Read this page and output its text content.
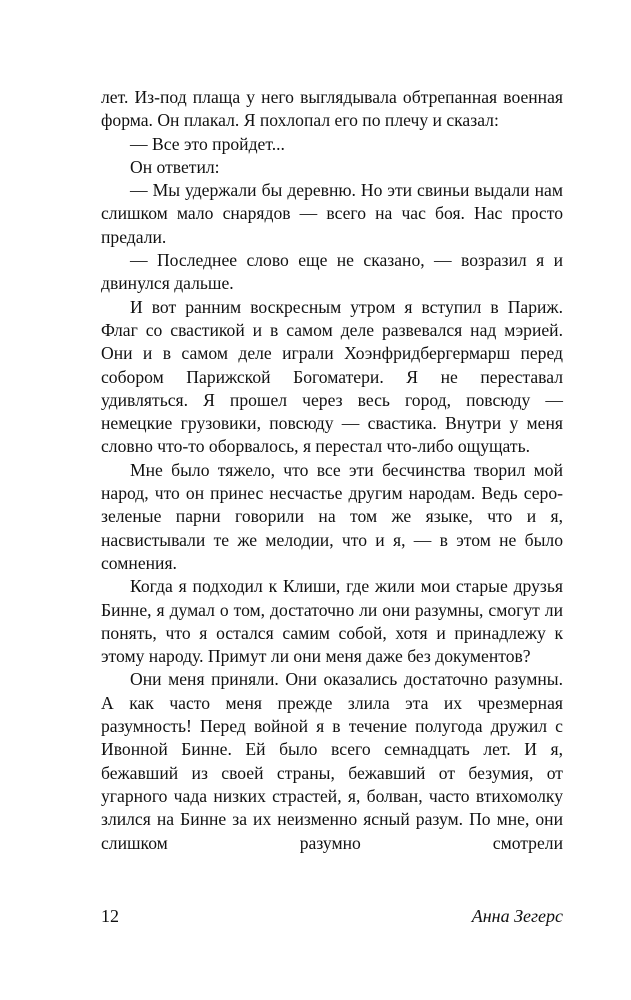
лет. Из-под плаща у него выглядывала обтрепанная военная форма. Он плакал. Я похлопал его по плечу и сказал:

— Все это пройдет...

Он ответил:

— Мы удержали бы деревню. Но эти свиньи выдали нам слишком мало снарядов — всего на час боя. Нас просто предали.

— Последнее слово еще не сказано, — возразил я и двинулся дальше.

И вот ранним воскресным утром я вступил в Париж. Флаг со свастикой и в самом деле развевался над мэрией. Они и в самом деле играли Хоэнфридбергермарш перед собором Парижской Богоматери. Я не переставал удивляться. Я прошел через весь город, повсюду — немецкие грузовики, повсюду — свастика. Внутри у меня словно что-то оборвалось, я перестал что-либо ощущать.

Мне было тяжело, что все эти бесчинства творил мой народ, что он принес несчастье другим народам. Ведь серо-зеленые парни говорили на том же языке, что и я, насвистывали те же мелодии, что и я, — в этом не было сомнения.

Когда я подходил к Клиши, где жили мои старые друзья Бинне, я думал о том, достаточно ли они разумны, смогут ли понять, что я остался самим собой, хотя и принадлежу к этому народу. Примут ли они меня даже без документов?

Они меня приняли. Они оказались достаточно разумны. А как часто меня прежде злила эта их чрезмерная разумность! Перед войной я в течение полугода дружил с Ивонной Бинне. Ей было всего семнадцать лет. И я, бежавший из своей страны, бежавший от безумия, от угарного чада низких страстей, я, болван, часто втихомолку злился на Бинне за их неизменно ясный разум. По мне, они слишком разумно смотрели

12	Анна Зегерс
